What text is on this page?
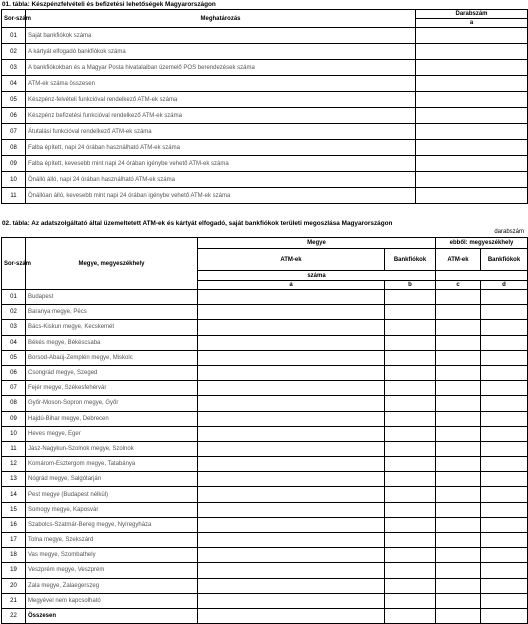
01. tábla: Készpénzfelvételi és befizetési lehetőségek Magyarországon
Sor-szám	Meghatározás	Darabszám
		a
01	Saját bankfiókok száma	
02	A kártyát elfogadó bankfiókok száma	
03	A bankfiókokban és a Magyar Posta hivatalaiban üzemelő POS berendezések száma	
04	ATM-ek száma összesen	
05	Készpénz-felvételi funkcióval rendelkező ATM-ek száma	
06	Készpénz befizetési funkcióval rendelkező ATM-ek száma	
07	Átutalási funkcióval rendelkező ATM-ek száma	
08	Falba épített, napi 24 órában használható ATM-ek száma	
09	Falba épített, kevesebb mint napi 24 órában igénybe vehető ATM-ek száma	
10	Önálló álló, napi 24 órában használható ATM-ek száma	
11	Önállóan álló, kevesebb mint napi 24 órában igénybe vehető ATM-ek száma	
02. tábla: Az adatszolgáltató által üzemeltetett ATM-ek és kártyát elfogadó, saját bankfiókok területi megoszlása Magyarországon
darabszám
Sor-szám	Megye, megyeszékhely	Megye		ebből: megyeszékhely	
		ATM-ek	Bankfiókok	ATM-ek	Bankfiókok
		száma			
		a	b	c	d
01	Budapest				
02	Baranya megye, Pécs				
03	Bács-Kiskun megye, Kecskemét				
04	Békés megye, Békéscsaba				
05	Borsod-Abaúj-Zemplén megye, Miskolc				
06	Csongrád megye, Szeged				
07	Fejér megye, Székesfehérvár				
08	Győr-Moson-Sopron megye, Győr				
09	Hajdú-Bihar megye, Debrecen				
10	Heves megye, Eger				
11	Jász-Nagykun-Szolnok megye, Szolnok				
12	Komárom-Esztergom megye, Tatabánya				
13	Nógrád megye, Salgótarján				
14	Pest megye (Budapest nélkül)				
15	Somogy megye, Kaposvár				
16	Szabolcs-Szatmár-Bereg megye, Nyíregyháza				
17	Tolna megye, Szekszárd				
18	Vas megye, Szombathely				
19	Veszprém megye, Veszprém				
20	Zala megye, Zalaegerszeg				
21	Megyével nem kapcsolható				
22	Összesen				
